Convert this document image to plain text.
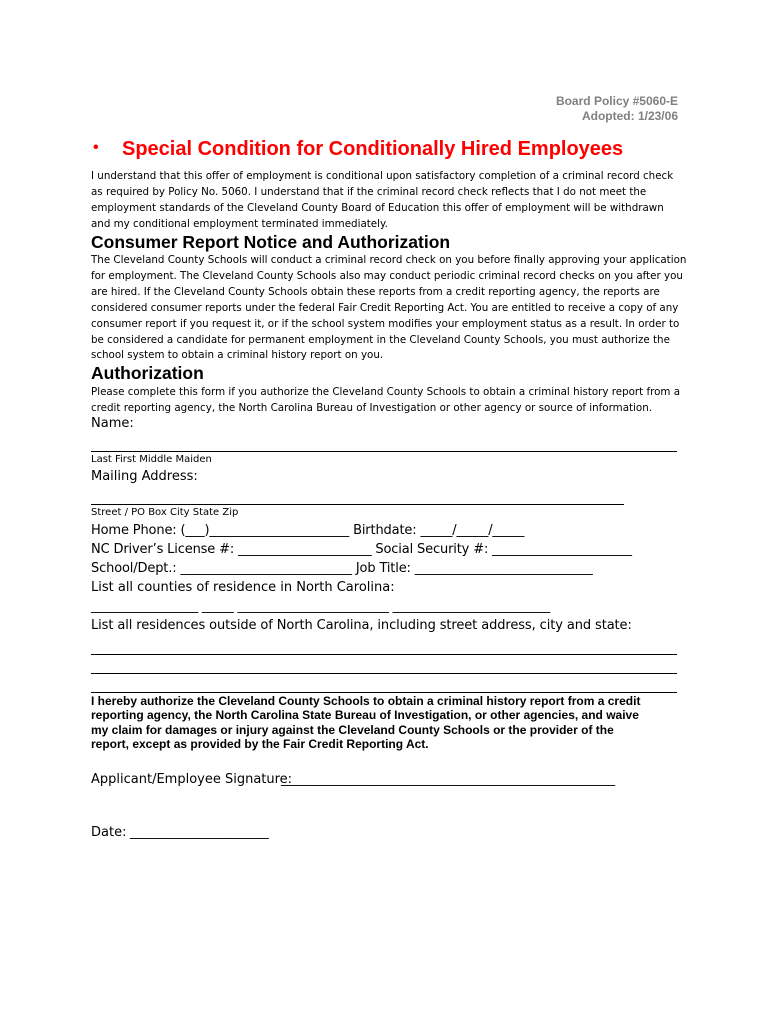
Board Policy #5060-E
Adopted: 1/23/06
• Special Condition for Conditionally Hired Employees
I understand that this offer of employment is conditional upon satisfactory completion of a criminal record check
as required by Policy No. 5060. I understand that if the criminal record check reflects that I do not meet the
employment standards of the Cleveland County Board of Education this offer of employment will be withdrawn
and my conditional employment terminated immediately.
Consumer Report Notice and Authorization
The Cleveland County Schools will conduct a criminal record check on you before finally approving your application
for employment. The Cleveland County Schools also may conduct periodic criminal record checks on you after you
are hired. If the Cleveland County Schools obtain these reports from a credit reporting agency, the reports are
considered consumer reports under the federal Fair Credit Reporting Act. You are entitled to receive a copy of any
consumer report if you request it, or if the school system modifies your employment status as a result. In order to
be considered a candidate for permanent employment in the Cleveland County Schools, you must authorize the
school system to obtain a criminal history report on you.
Authorization
Please complete this form if you authorize the Cleveland County Schools to obtain a criminal history report from a
credit reporting agency, the North Carolina Bureau of Investigation or other agency or source of information.
Name:
Last First Middle Maiden
Mailing Address:
Street / PO Box City State Zip
Home Phone: (___)______________________ Birthdate: _____/_____/_____
NC Driver’s License #: _____________________ Social Security #: ______________________
School/Dept.: ___________________________ Job Title: ____________________________
List all counties of residence in North Carolina:
_________________ _____ ________________________ _________________________
List all residences outside of North Carolina, including street address, city and state:
I hereby authorize the Cleveland County Schools to obtain a criminal history report from a credit
reporting agency, the North Carolina State Bureau of Investigation, or other agencies, and waive
my claim for damages or injury against the Cleveland County Schools or the provider of the
report, except as provided by the Fair Credit Reporting Act.
Applicant/Employee Signature:
_____________________________________________________
Date: ______________________
